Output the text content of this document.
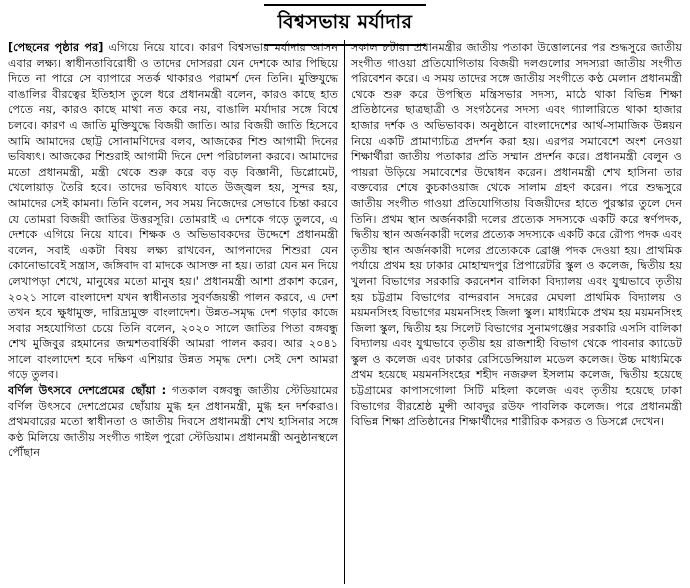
বিশ্বসভায় মর্যাদার

[পেছনের পৃষ্ঠার পর] এগিয়ে নিয়ে যাবে। কারণ বিশ্বসভার মর্যাদার আসন এবার লক্ষ্য। স্বাধীনতাবিরোধী ও তাদের দোসররা যেন দেশকে আর পিছিয়ে দিতে না পারে সে ব্যাপারে সতর্ক থাকারও পরামর্শ দেন তিনি। মুক্তিযুদ্ধে বাঙালির বীরত্বের ইতিহাস তুলে ধরে প্রধানমন্ত্রী বলেন, কারও কাছে হাত পেতে নয়, কারও কাছে মাথা নত করে নয়, বাঙালি মর্যাদার সঙ্গে বিশ্বে চলবে। কারণ এ জাতি মুক্তিযুদ্ধে বিজয়ী জাতি। আর বিজয়ী জাতি হিসেবে আমি আমাদের ছোট্ট সোনামণিদের বলব, আজকের শিশু আগামী দিনের ভবিষ্যৎ। আজকের শিশুরাই আগামী দিনে দেশ পরিচালনা করবে। আমাদের মতো প্রধানমন্ত্রী, মন্ত্রী থেকে শুরু করে বড় বড় বিজ্ঞানী, ডিপ্লোমেট, খেলোয়াড় তৈরি হবে। তাদের ভবিষ্যৎ যাতে উজ্জ্বল হয়, সুন্দর হয়, আমাদের সেই কামনা। তিনি বলেন, সব সময় নিজেদের সেভাবে চিন্তা করবে যে তোমরা বিজয়ী জাতির উত্তরসূরি। তোমরাই এ দেশকে গড়ে তুলবে, এ দেশকে এগিয়ে নিয়ে যাবে। শিক্ষক ও অভিভাবকদের উদ্দেশে প্রধানমন্ত্রী বলেন, সবাই একটা বিষয় লক্ষ্য রাখবেন, আপনাদের শিশুরা যেন কোনোভাবেই সন্ত্রাস, জঙ্গিবাদ বা মাদকে আসক্ত না হয়। তারা যেন মন দিয়ে লেখাপড়া শেখে, মানুষের মতো মানুষ হয়।' প্রধানমন্ত্রী আশা প্রকাশ করেন, ২০২১ সালে বাংলাদেশ যখন স্বাধীনতার সুবর্ণজয়ন্তী পালন করবে, এ দেশ তখন হবে ক্ষুধামুক্ত, দারিদ্র্যমুক্ত বাংলাদেশ। উন্নত-সমৃদ্ধ দেশ গড়ার কাজে সবার সহযোগিতা চেয়ে তিনি বলেন, ২০২০ সালে জাতির পিতা বঙ্গবন্ধু শেখ মুজিবুর রহমানের জন্মশতবার্ষিকী আমরা পালন করব। আর ২০৪১ সালে বাংলাদেশ হবে দক্ষিণ এশিয়ার উন্নত সমৃদ্ধ দেশ। সেই দেশ আমরা গড়ে তুলব।

বর্ণিল উৎসবে দেশপ্রেমের ছোঁয়া : গতকাল বঙ্গবন্ধু জাতীয় স্টেডিয়ামের বর্ণিল উৎসবে দেশপ্রেমের ছোঁয়ায় মুগ্ধ হন প্রধানমন্ত্রী, মুগ্ধ হন দর্শকরাও। প্রথমবারের মতো স্বাধীনতা ও জাতীয় দিবসে প্রধানমন্ত্রী শেখ হাসিনার সঙ্গে কণ্ঠ মিলিয়ে জাতীয় সংগীত গাইল পুরো স্টেডিয়াম। প্রধানমন্ত্রী অনুষ্ঠানস্থলে পৌঁছান

সকাল ৮টায়। প্রধানমন্ত্রীর জাতীয় পতাকা উত্তোলনের পর শুদ্ধসুরে জাতীয় সংগীত গাওয়া প্রতিযোগিতায় বিজয়ী দলগুলোর সদস্যরা জাতীয় সংগীত পরিবেশন করে। এ সময় তাদের সঙ্গে জাতীয় সংগীতে কণ্ঠ মেলান প্রধানমন্ত্রী থেকে শুরু করে উপস্থিত মন্ত্রিসভার সদস্য, মাঠে থাকা বিভিন্ন শিক্ষা প্রতিষ্ঠানের ছাত্রছাত্রী ও সংগঠনের সদস্য এবং গ্যালারিতে থাকা হাজার হাজার দর্শক ও অভিভাবক। অনুষ্ঠানে বাংলাদেশের আর্থ-সামাজিক উন্নয়ন নিয়ে একটি প্রামাণ্যচিত্র প্রদর্শন করা হয়। এরপর সমাবেশে অংশ নেওয়া শিক্ষার্থীরা জাতীয় পতাকার প্রতি সম্মান প্রদর্শন করে। প্রধানমন্ত্রী বেলুন ও পায়রা উড়িয়ে সমাবেশের উদ্বোধন করেন। প্রধানমন্ত্রী শেখ হাসিনা তার বক্তব্যের শেষে কুচকাওয়াজ থেকে সালাম গ্রহণ করেন। পরে শুদ্ধসুরে জাতীয় সংগীত গাওয়া প্রতিযোগিতায় বিজয়ীদের হাতে পুরস্কার তুলে দেন তিনি। প্রথম স্থান অর্জনকারী দলের প্রত্যেক সদস্যকে একটি করে স্বর্ণপদক, দ্বিতীয় স্থান অর্জনকারী দলের প্রত্যেক সদস্যকে একটি করে রৌপ্য পদক এবং তৃতীয় স্থান অর্জনকারী দলের প্রত্যেককে ব্রোঞ্জ পদক দেওয়া হয়। প্রাথমিক পর্যায়ে প্রথম হয় ঢাকার মোহাম্মদপুর প্রিপারেটরি স্কুল ও কলেজ, দ্বিতীয় হয় খুলনা বিভাগের সরকারি করনেশন বালিকা বিদ্যালয় এবং যুগ্মভাবে তৃতীয় হয় চট্টগ্রাম বিভাগের বান্দরবান সদরের মেঘলা প্রাথমিক বিদ্যালয় ও ময়মনসিংহ বিভাগের ময়মনসিংহ জিলা স্কুল। মাধ্যমিকে প্রথম হয় ময়মনসিংহ জিলা স্কুল, দ্বিতীয় হয় সিলেট বিভাগের সুনামগঞ্জের সরকারি এসসি বালিকা বিদ্যালয় এবং যুগ্মভাবে তৃতীয় হয় রাজশাহী বিভাগ থেকে পাবনার ক্যাডেট স্কুল ও কলেজ এবং ঢাকার রেসিডেন্সিয়াল মডেল কলেজ। উচ্চ মাধ্যমিকে প্রথম হয়েছে ময়মনসিংহের শহীদ নজরুল ইসলাম কলেজ, দ্বিতীয় হয়েছে চট্টগ্রামের কাপাসগোলা সিটি মহিলা কলেজ এবং তৃতীয় হয়েছে ঢাকা বিভাগের বীরশ্রেষ্ঠ মুন্সী আবদুর রউফ পাবলিক কলেজ। পরে প্রধানমন্ত্রী বিভিন্ন শিক্ষা প্রতিষ্ঠানের শিক্ষার্থীদের শারীরিক কসরত ও ডিসপ্লে দেখেন।
